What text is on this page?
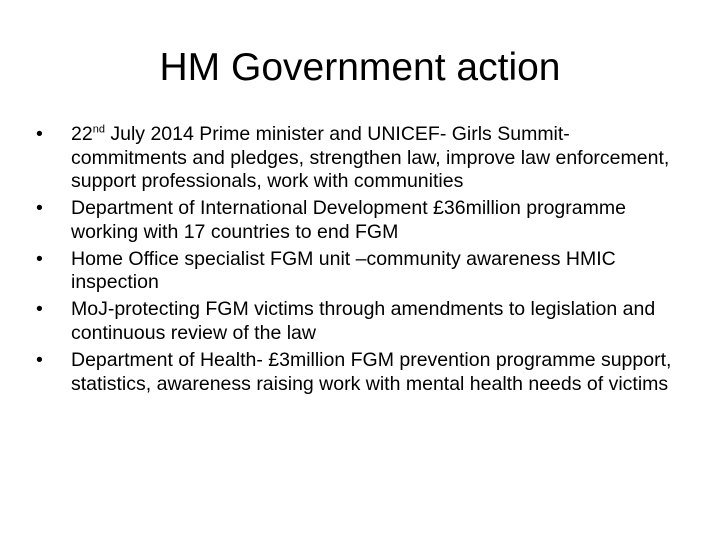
HM Government action
•	22nd July 2014 Prime minister and UNICEF- Girls Summit- commitments and pledges, strengthen law, improve law enforcement, support professionals, work with communities
•	Department of International Development £36million programme working with 17 countries to end FGM
•	Home Office specialist FGM unit –community awareness HMIC inspection
•	MoJ-protecting FGM victims through amendments to legislation and continuous review of the law
•	Department of Health- £3million FGM prevention programme support, statistics, awareness raising work with mental health needs of victims
